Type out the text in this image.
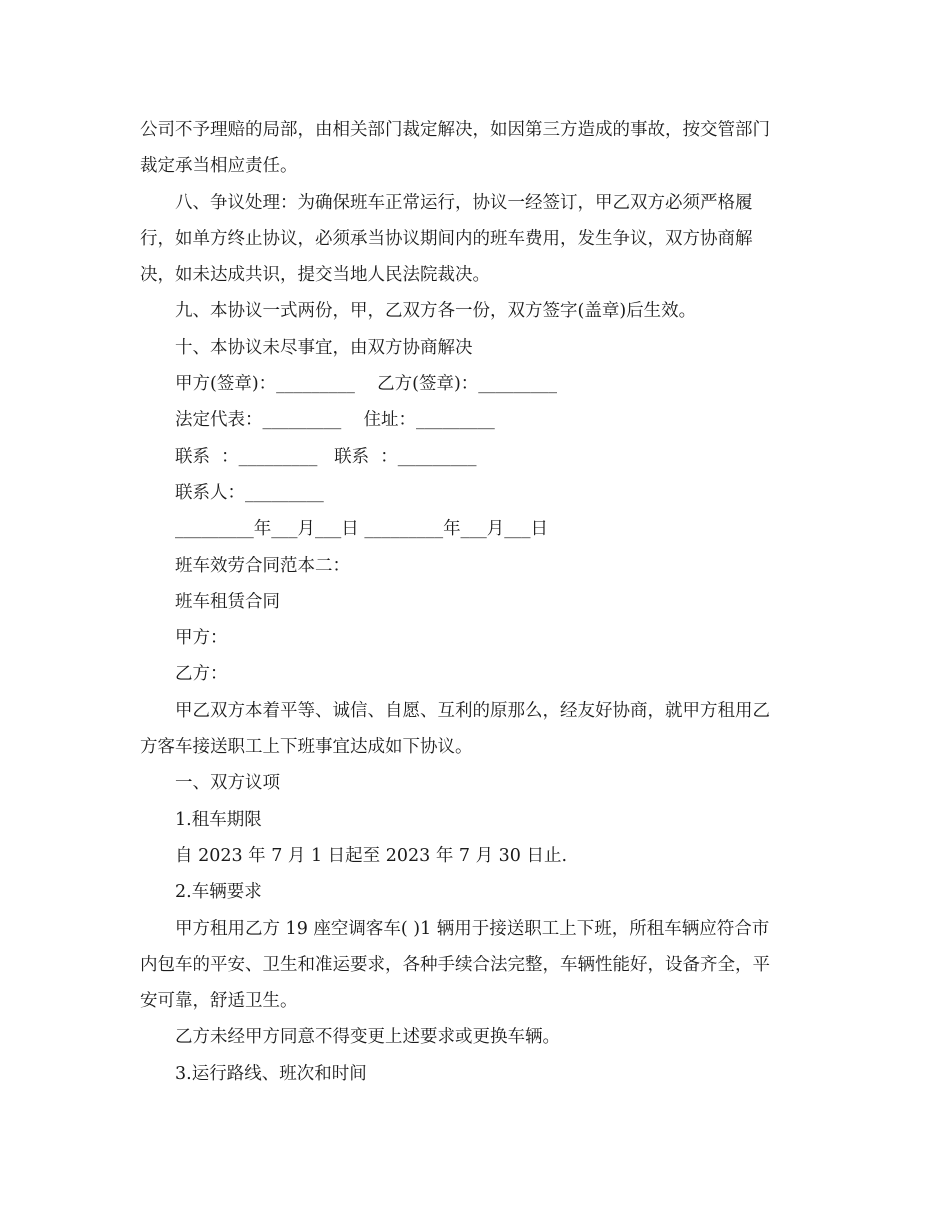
公司不予理赔的局部，由相关部门裁定解决，如因第三方造成的事故，按交管部门
裁定承当相应责任。
八、争议处理：为确保班车正常运行，协议一经签订，甲乙双方必须严格履
行，如单方终止协议，必须承当协议期间内的班车费用，发生争议，双方协商解
决，如未达成共识，提交当地人民法院裁决。
九、本协议一式两份，甲，乙双方各一份，双方签字(盖章)后生效。
十、本协议未尽事宜，由双方协商解决
甲方(签章)：_________    乙方(签章)：_________
法定代表：_________    住址：_________
联系  ：_________   联系  ：_________
联系人：_________
_________年___月___日 _________年___月___日
班车效劳合同范本二：
班车租赁合同
甲方：
乙方：
甲乙双方本着平等、诚信、自愿、互利的原那么，经友好协商，就甲方租用乙
方客车接送职工上下班事宜达成如下协议。
一、双方议项
1.租车期限
自 2023 年 7 月 1 日起至 2023 年 7 月 30 日止.
2.车辆要求
甲方租用乙方 19 座空调客车( )1 辆用于接送职工上下班，所租车辆应符合市
内包车的平安、卫生和准运要求，各种手续合法完整，车辆性能好，设备齐全，平
安可靠，舒适卫生。
乙方未经甲方同意不得变更上述要求或更换车辆。
3.运行路线、班次和时间
